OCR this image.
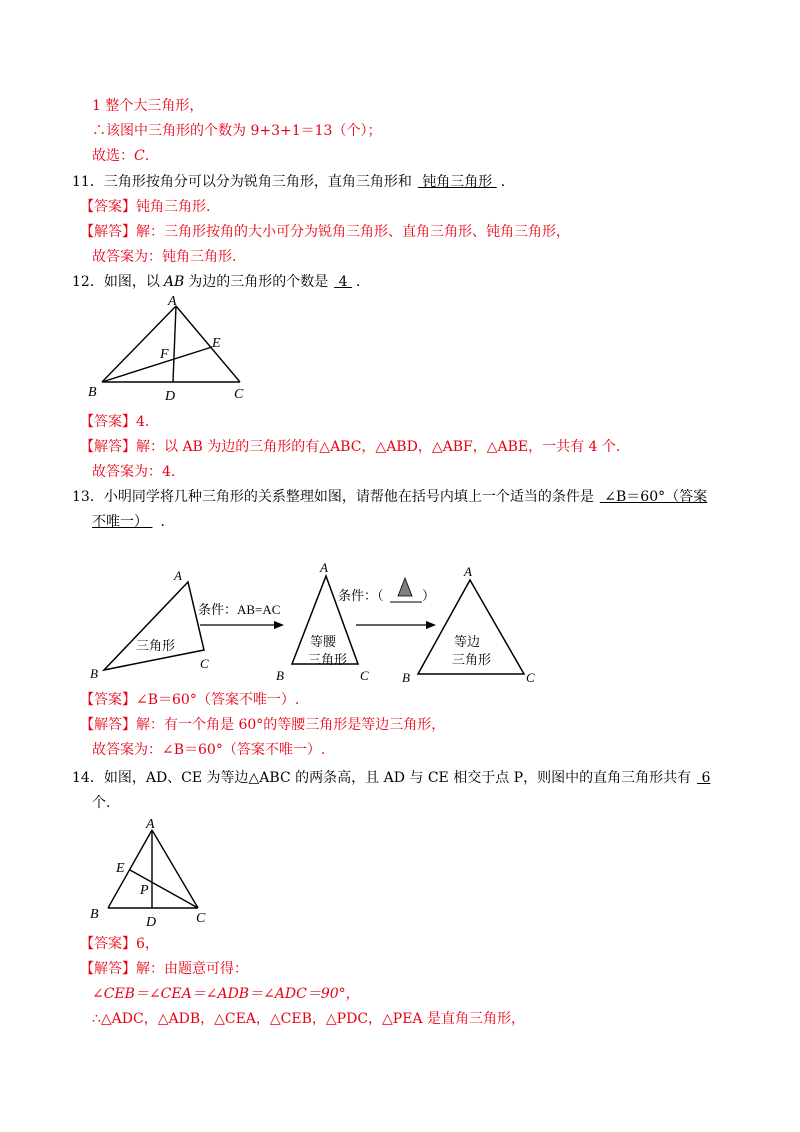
1 整个大三角形，
∴该图中三角形的个数为 9+3+1＝13（个）；
故选：C.
11．三角形按角分可以分为锐角三角形，直角三角形和 钝角三角形 ．
【答案】钝角三角形.
【解答】解：三角形按角的大小可分为锐角三角形、直角三角形、钝角三角形，
故答案为：钝角三角形.
12．如图，以 AB 为边的三角形的个数是 4 ．
A
B	C
D
E
F
【答案】4.
【解答】解：以 AB 为边的三角形的有△ABC，△ABD，△ABF，△ABE，一共有 4 个.
故答案为：4.
13．小明同学将几种三角形的关系整理如图，请帮他在括号内填上一个适当的条件是 ∠B＝60°（答案
不唯一） ．
三角形
A
B
C
条件：AB=AC
等腰
三角形
A
B	C
条件：（	）
等边
三角形
A
B	C
【答案】∠B＝60°（答案不唯一）.
【解答】解：有一个角是 60°的等腰三角形是等边三角形，
故答案为：∠B＝60°（答案不唯一）.
14．如图，AD、CE 为等边△ABC 的两条高，且 AD 与 CE 相交于点 P，则图中的直角三角形共有 6
个.
A
B	C
D
E
P
【答案】6，
【解答】解：由题意可得：
∠CEB＝∠CEA＝∠ADB＝∠ADC＝90°，
∴△ADC，△ADB，△CEA，△CEB，△PDC，△PEA 是直角三角形，
